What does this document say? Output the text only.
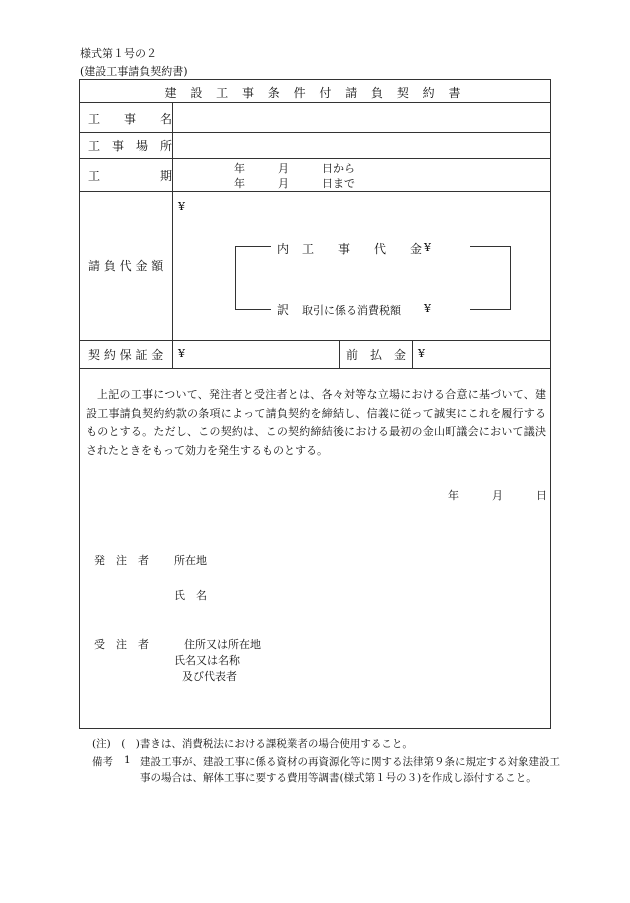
様式第１号の２
(建設工事請負契約書)
建 設 工 事 条 件 付 請 負 契 約 書
工　　事　　名
工　事　場　所
工　　　　　期
年　　　月　　　日から
年　　　月　　　日まで
請 負 代 金 額
¥
内 工　　事　　代　　金 ¥
訳 取引に係る消費税額 ¥
契 約 保 証 金 ¥	前　払　金 ¥
上記の工事について、発注者と受注者とは、各々対等な立場における合意に基づいて、建設工事請負契約約款の条項によって請負契約を締結し、信義に従って誠実にこれを履行するものとする。ただし、この契約は、この契約締結後における最初の金山町議会において議決されたときをもって効力を発生するものとする。
年　　　月　　　日
発　注　者 所在地
氏　名
受　注　者	住所又は所在地
氏名又は名称
及び代表者
(注)　(　)書きは、消費税法における課税業者の場合使用すること。
備考 1 建設工事が、建設工事に係る資材の再資源化等に関する法律第９条に規定する対象建設工
事の場合は、解体工事に要する費用等調書(様式第１号の３)を作成し添付すること。
